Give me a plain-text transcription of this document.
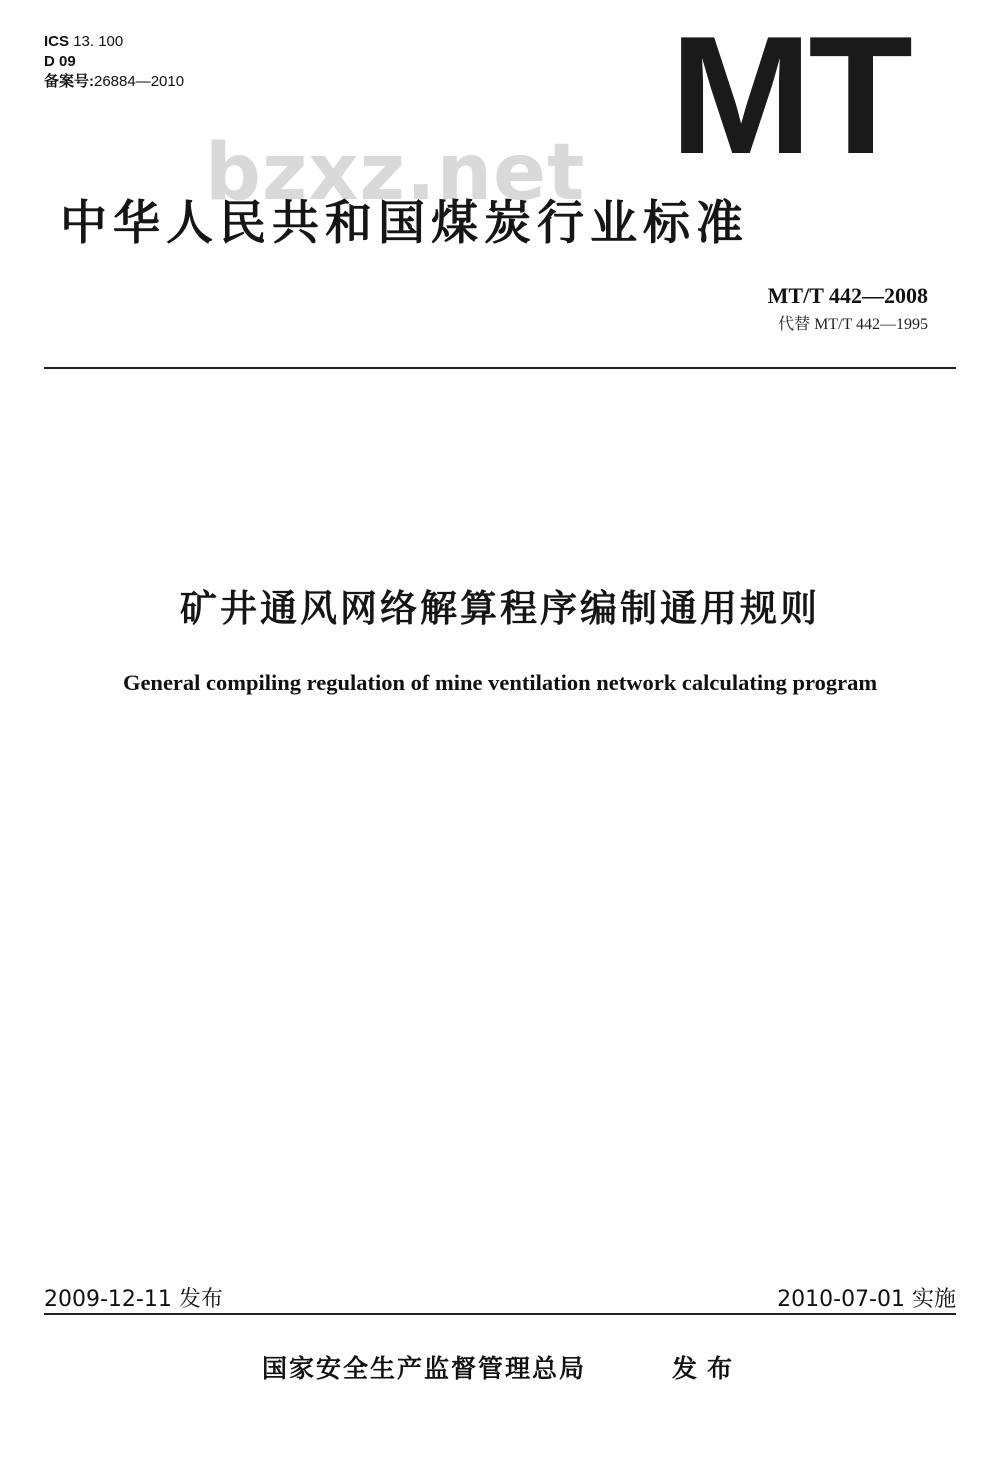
ICS 13. 100
D 09
备案号:26884—2010	MT
bzxz.net
中华人民共和国煤炭行业标准
MT/T 442—2008
代替 MT/T 442—1995
矿井通风网络解算程序编制通用规则
General compiling regulation of mine ventilation network calculating program
2009-12-11 发布	2010-07-01 实施
国家安全生产监督管理总局	发布
